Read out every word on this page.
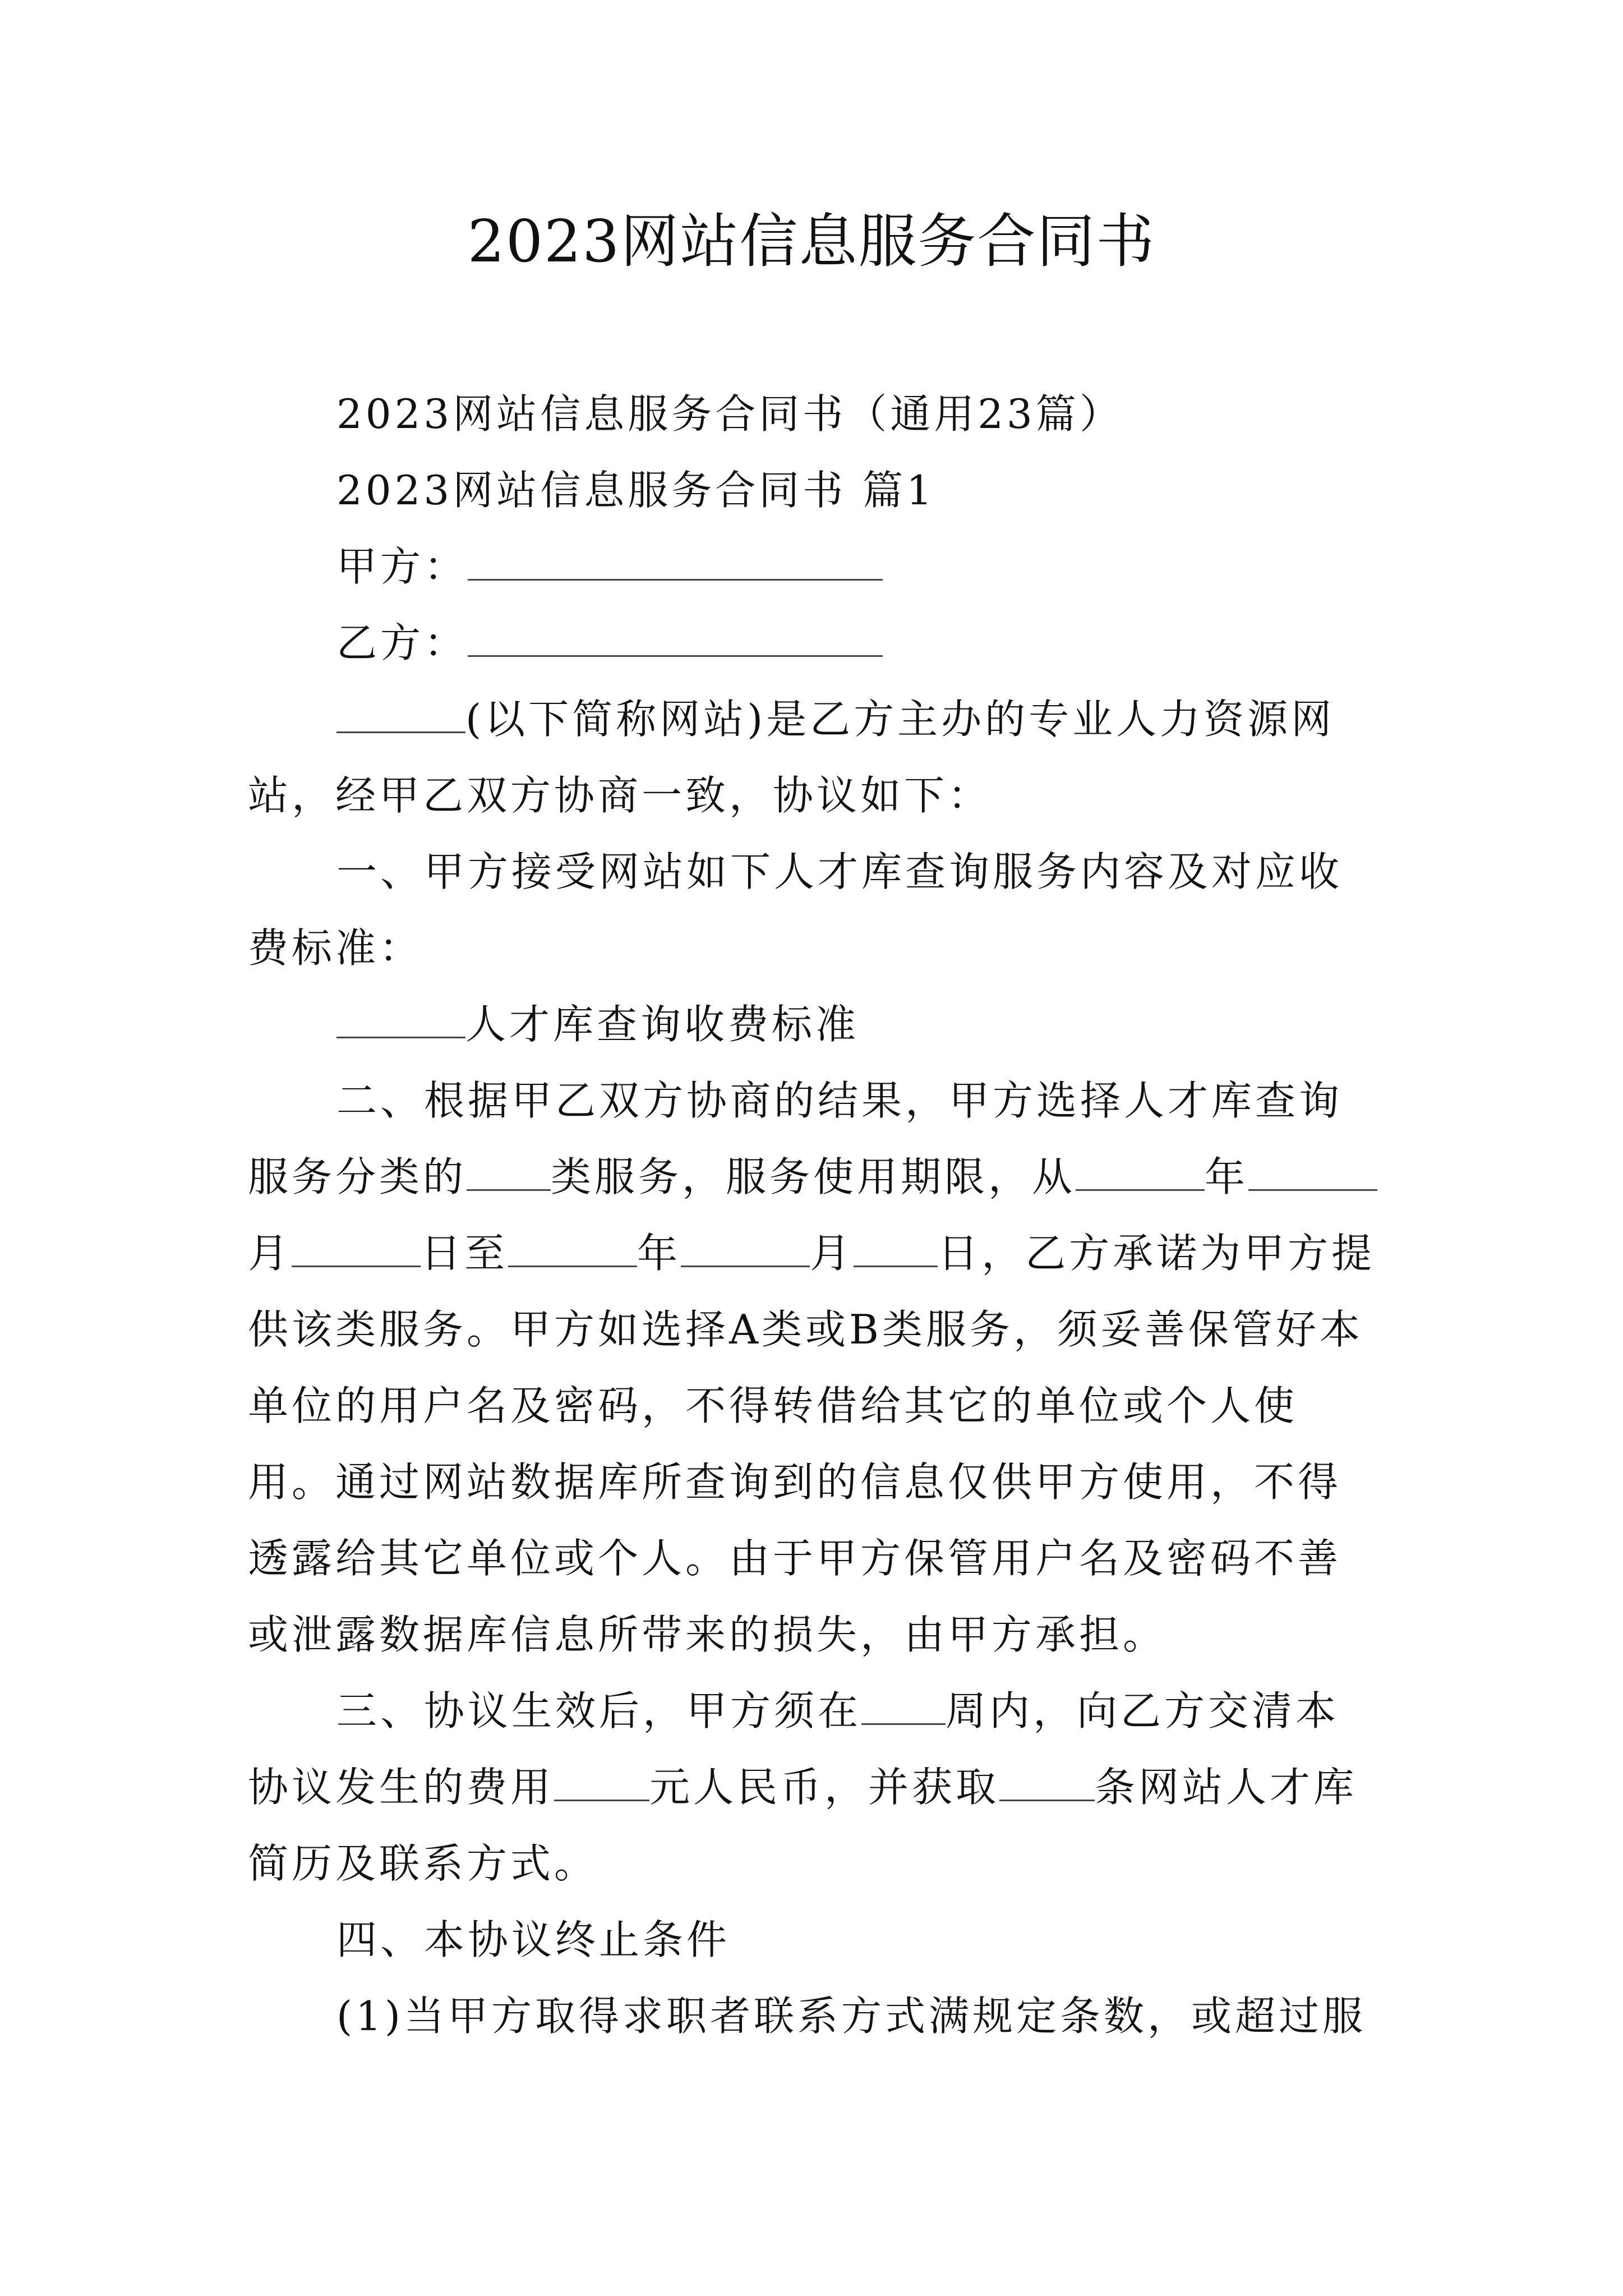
2023网站信息服务合同书

2023网站信息服务合同书（通用23篇）

2023网站信息服务合同书 篇1

甲方：

乙方：

(以下简称网站)是乙方主办的专业人力资源网站，经甲乙双方协商一致，协议如下：

一、甲方接受网站如下人才库查询服务内容及对应收费标准：

人才库查询收费标准

二、根据甲乙双方协商的结果，甲方选择人才库查询服务分类的 类服务，服务使用期限，从	年月	日至	年	月 日，乙方承诺为甲方提供该类服务。甲方如选择A类或B类服务，须妥善保管好本单位的用户名及密码，不得转借给其它的单位或个人使用。通过网站数据库所查询到的信息仅供甲方使用，不得透露给其它单位或个人。由于甲方保管用户名及密码不善或泄露数据库信息所带来的损失，由甲方承担。

三、协议生效后，甲方须在 周内，向乙方交清本协议发生的费用 元人民币，并获取 条网站人才库简历及联系方式。

四、本协议终止条件

(1)当甲方取得求职者联系方式满规定条数，或超过服
